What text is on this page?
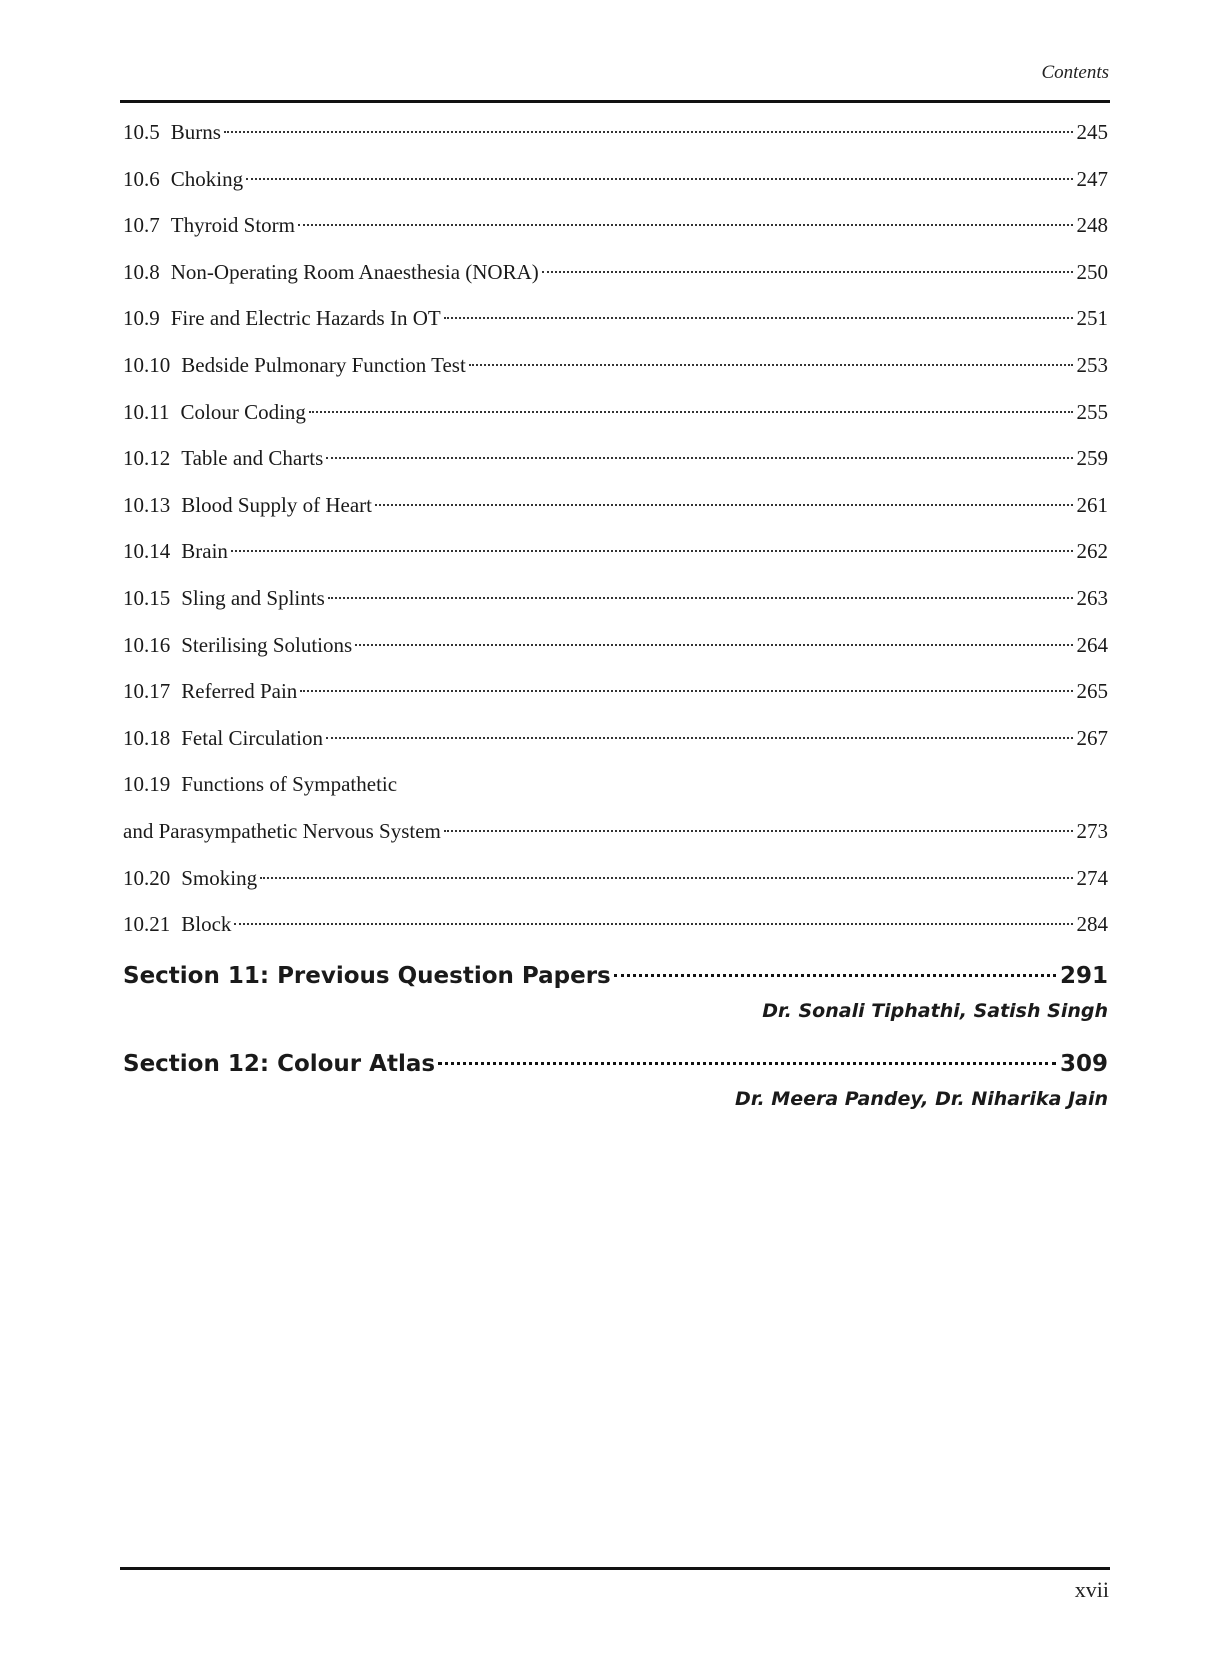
Contents
10.5 Burns	245
10.6 Choking	247
10.7 Thyroid Storm	248
10.8 Non-Operating Room Anaesthesia (NORA)	250
10.9 Fire and Electric Hazards In OT	251
10.10 Bedside Pulmonary Function Test	253
10.11 Colour Coding	255
10.12 Table and Charts	259
10.13 Blood Supply of Heart	261
10.14 Brain	262
10.15 Sling and Splints	263
10.16 Sterilising Solutions	264
10.17 Referred Pain	265
10.18 Fetal Circulation	267
10.19 Functions of Sympathetic
and Parasympathetic Nervous System	273
10.20 Smoking	274
10.21 Block	284
Section 11: Previous Question Papers	291
Dr. Sonali Tiphathi, Satish Singh
Section 12: Colour Atlas	309
Dr. Meera Pandey, Dr. Niharika Jain
xvii
